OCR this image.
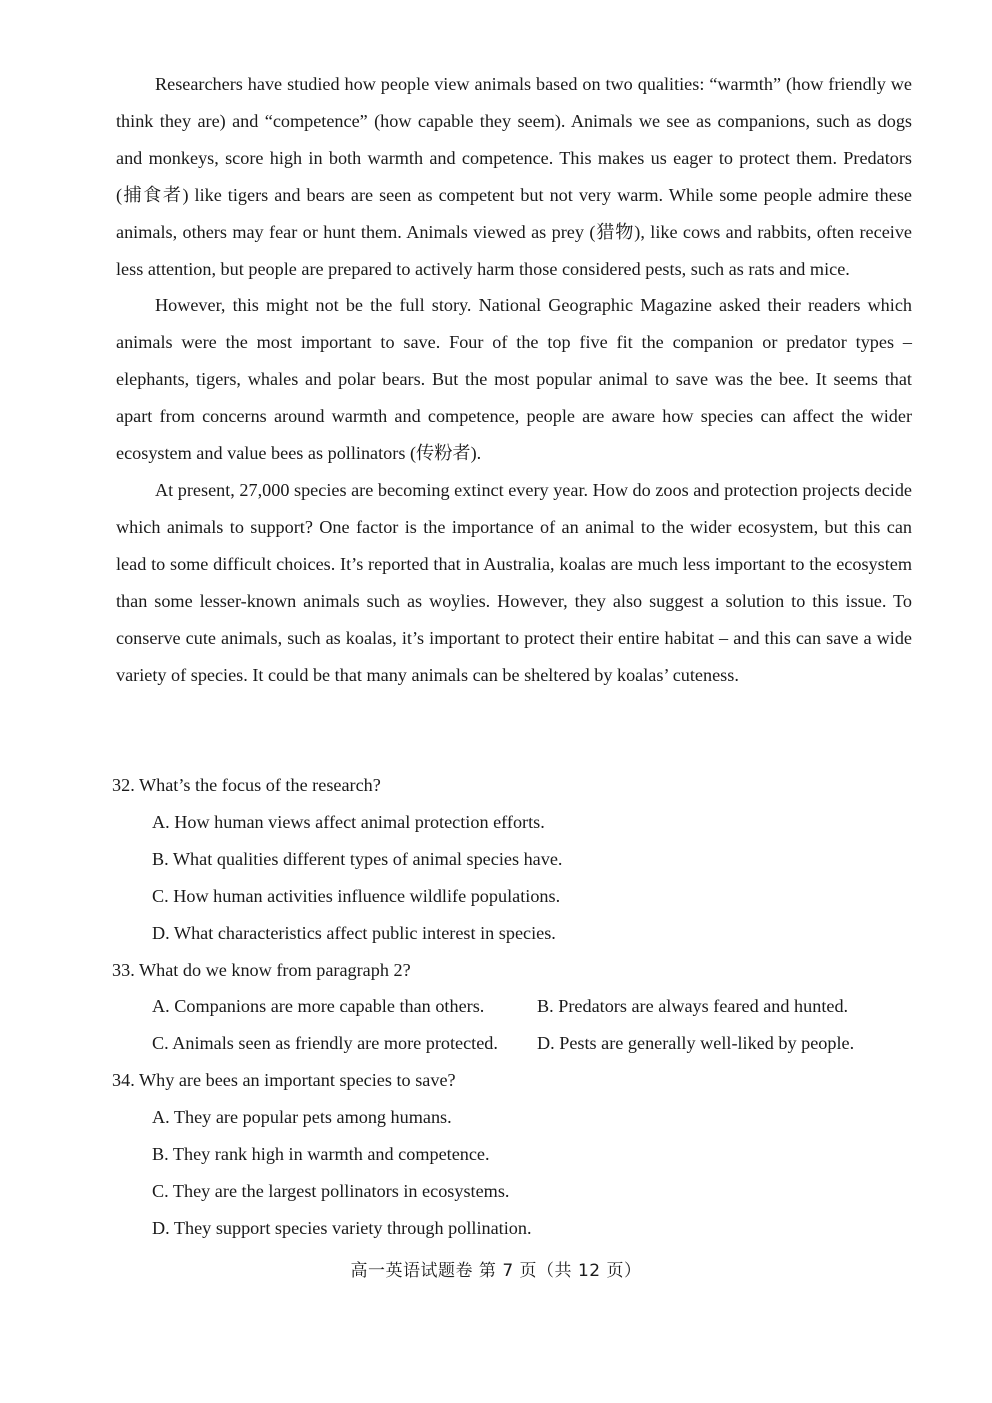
Researchers have studied how people view animals based on two qualities: “warmth” (how friendly we think they are) and “competence” (how capable they seem). Animals we see as companions, such as dogs and monkeys, score high in both warmth and competence. This makes us eager to protect them. Predators (捕食者) like tigers and bears are seen as competent but not very warm. While some people admire these animals, others may fear or hunt them. Animals viewed as prey (猎物), like cows and rabbits, often receive less attention, but people are prepared to actively harm those considered pests, such as rats and mice.

However, this might not be the full story. National Geographic Magazine asked their readers which animals were the most important to save. Four of the top five fit the companion or predator types – elephants, tigers, whales and polar bears. But the most popular animal to save was the bee. It seems that apart from concerns around warmth and competence, people are aware how species can affect the wider ecosystem and value bees as pollinators (传粉者).

At present, 27,000 species are becoming extinct every year. How do zoos and protection projects decide which animals to support? One factor is the importance of an animal to the wider ecosystem, but this can lead to some difficult choices. It’s reported that in Australia, koalas are much less important to the ecosystem than some lesser-known animals such as woylies. However, they also suggest a solution to this issue. To conserve cute animals, such as koalas, it’s important to protect their entire habitat – and this can save a wide variety of species. It could be that many animals can be sheltered by koalas’ cuteness.

32. What’s the focus of the research?
A. How human views affect animal protection efforts.
B. What qualities different types of animal species have.
C. How human activities influence wildlife populations.
D. What characteristics affect public interest in species.
33. What do we know from paragraph 2?
A. Companions are more capable than others.	B. Predators are always feared and hunted.
C. Animals seen as friendly are more protected.	D. Pests are generally well-liked by people.
34. Why are bees an important species to save?
A. They are popular pets among humans.
B. They rank high in warmth and competence.
C. They are the largest pollinators in ecosystems.
D. They support species variety through pollination.
高一英语试题卷 第 7 页（共 12 页）
